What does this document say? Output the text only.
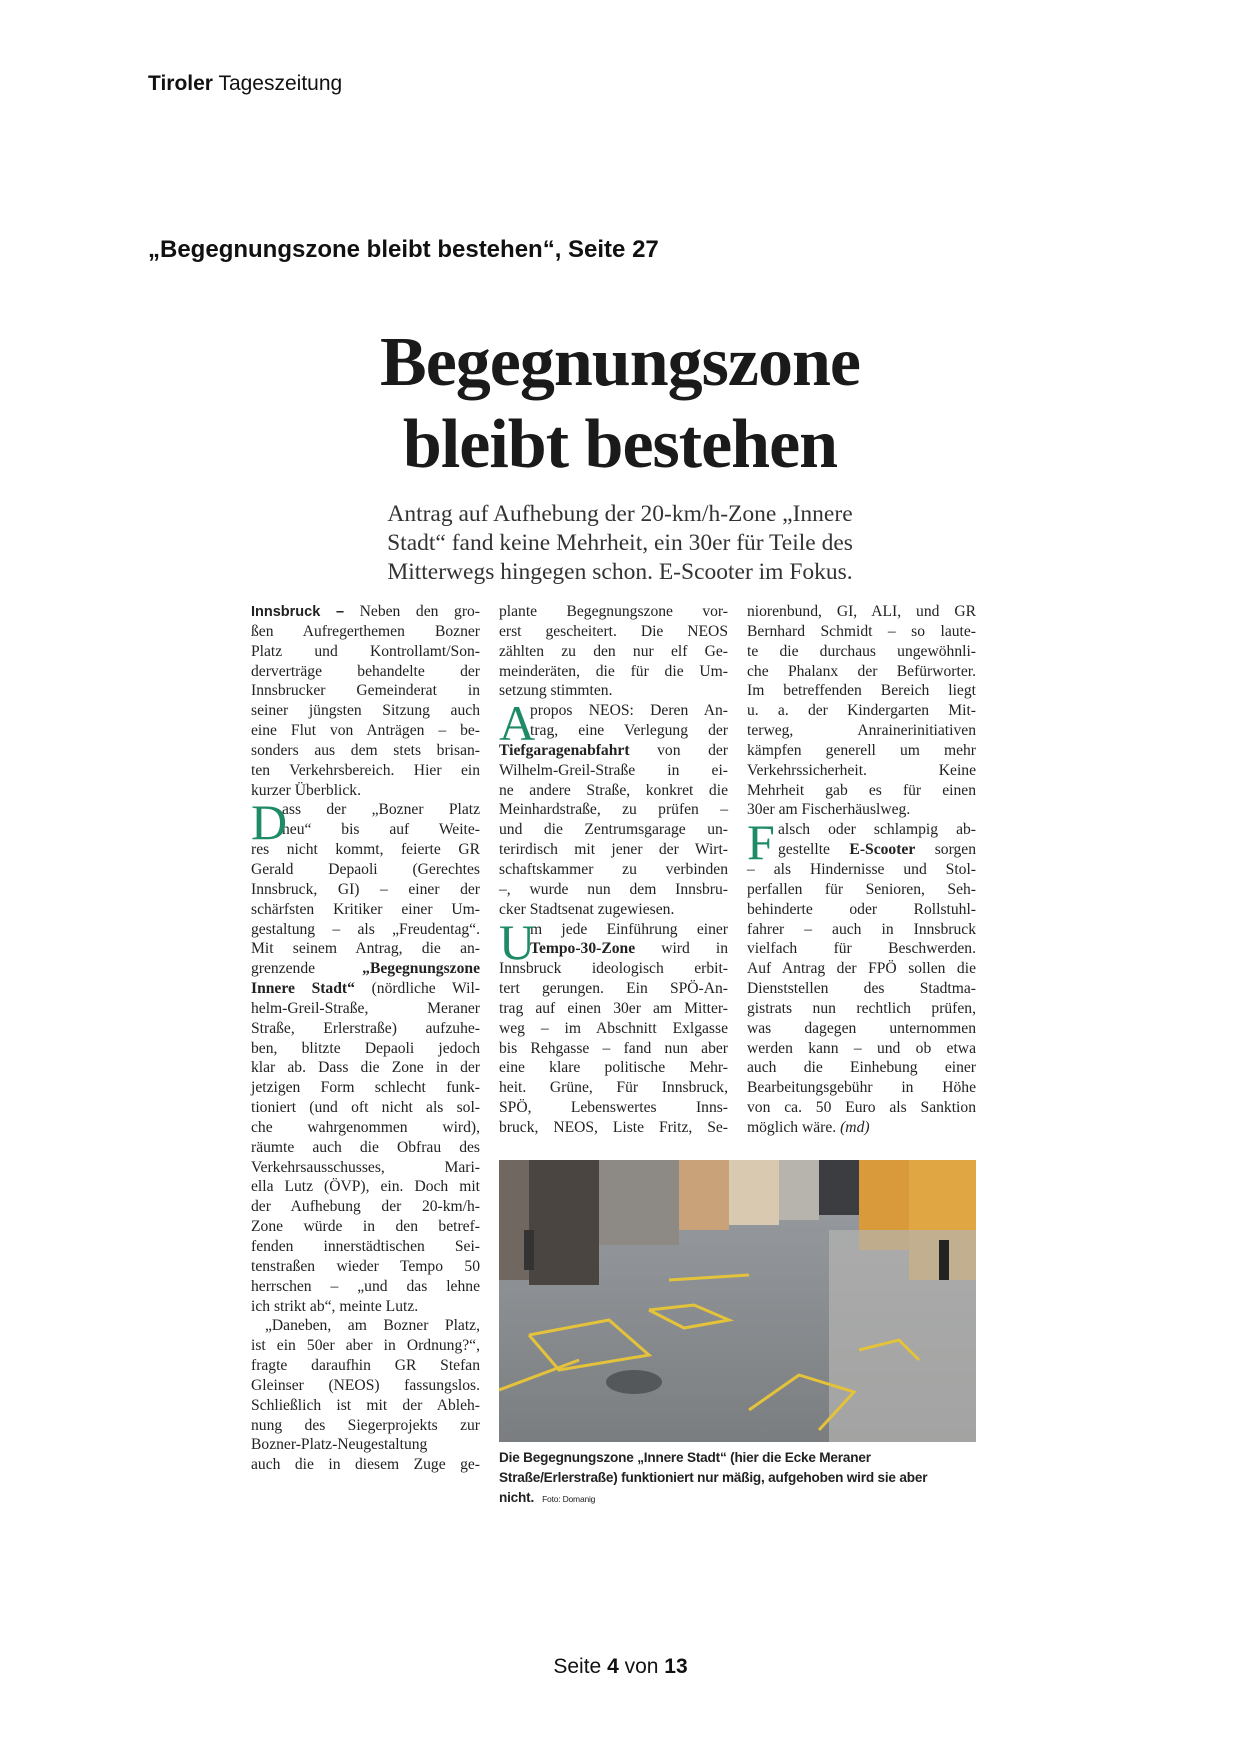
Tiroler Tageszeitung
„Begegnungszone bleibt bestehen“, Seite 27
Begegnungszone
bleibt bestehen
Antrag auf Aufhebung der 20-km/h-Zone „Innere
Stadt“ fand keine Mehrheit, ein 30er für Teile des
Mitterwegs hingegen schon. E-Scooter im Fokus.
Innsbruck – Neben den gro-
ßen Aufregerthemen Bozner
Platz und Kontrollamt/Son-
derverträge behandelte der
Innsbrucker Gemeinderat in
seiner jüngsten Sitzung auch
eine Flut von Anträgen – be-
sonders aus dem stets brisan-
ten Verkehrsbereich. Hier ein
kurzer Überblick.
D
ass der „Bozner Platz
neu“ bis auf Weite-
res nicht kommt, feierte GR
Gerald Depaoli (Gerechtes
Innsbruck, GI) – einer der
schärfsten Kritiker einer Um-
gestaltung – als „Freudentag“.
Mit seinem Antrag, die an-
grenzende „Begegnungszone
Innere Stadt“ (nördliche Wil-
helm-Greil-Straße, Meraner
Straße, Erlerstraße) aufzuhe-
ben, blitzte Depaoli jedoch
klar ab. Dass die Zone in der
jetzigen Form schlecht funk-
tioniert (und oft nicht als sol-
che wahrgenommen wird),
räumte auch die Obfrau des
Verkehrsausschusses, Mari-
ella Lutz (ÖVP), ein. Doch mit
der Aufhebung der 20-km/h-
Zone würde in den betref-
fenden innerstädtischen Sei-
tenstraßen wieder Tempo 50
herrschen – „und das lehne
ich strikt ab“, meinte Lutz.
„Daneben, am Bozner Platz,
ist ein 50er aber in Ordnung?“,
fragte daraufhin GR Stefan
Gleinser (NEOS) fassungslos.
Schließlich ist mit der Ableh-
nung des Siegerprojekts zur
Bozner-Platz-Neugestaltung
auch die in diesem Zuge ge-
plante Begegnungszone vor-
erst gescheitert. Die NEOS
zählten zu den nur elf Ge-
meinderäten, die für die Um-
setzung stimmten.
A
propos NEOS: Deren An-
trag, eine Verlegung der
Tiefgaragenabfahrt von der
Wilhelm-Greil-Straße in ei-
ne andere Straße, konkret die
Meinhardstraße, zu prüfen –
und die Zentrumsgarage un-
terirdisch mit jener der Wirt-
schaftskammer zu verbinden
–, wurde nun dem Innsbru-
cker Stadtsenat zugewiesen.
U
m jede Einführung einer
Tempo-30-Zone wird in
Innsbruck ideologisch erbit-
tert gerungen. Ein SPÖ-An-
trag auf einen 30er am Mitter-
weg – im Abschnitt Exlgasse
bis Rehgasse – fand nun aber
eine klare politische Mehr-
heit. Grüne, Für Innsbruck,
SPÖ, Lebenswertes Inns-
bruck, NEOS, Liste Fritz, Se-
niorenbund, GI, ALI, und GR
Bernhard Schmidt – so laute-
te die durchaus ungewöhnli-
che Phalanx der Befürworter.
Im betreffenden Bereich liegt
u. a. der Kindergarten Mit-
terweg, Anrainerinitiativen
kämpfen generell um mehr
Verkehrssicherheit. Keine
Mehrheit gab es für einen
30er am Fischerhäuslweg.
F alsch oder schlampig ab-
gestellte E-Scooter sorgen
– als Hindernisse und Stol-
perfallen für Senioren, Seh-
behinderte oder Rollstuhl-
fahrer – auch in Innsbruck
vielfach für Beschwerden.
Auf Antrag der FPÖ sollen die
Dienststellen des Stadtma-
gistrats nun rechtlich prüfen,
was dagegen unternommen
werden kann – und ob etwa
auch die Einhebung einer
Bearbeitungsgebühr in Höhe
von ca. 50 Euro als Sanktion
möglich wäre. (md)
Die Begegnungszone „Innere Stadt“ (hier die Ecke Meraner Straße/Erlerstraße) funktioniert nur mäßig, aufgehoben wird sie aber nicht. Foto: Domanig
Seite 4 von 13
